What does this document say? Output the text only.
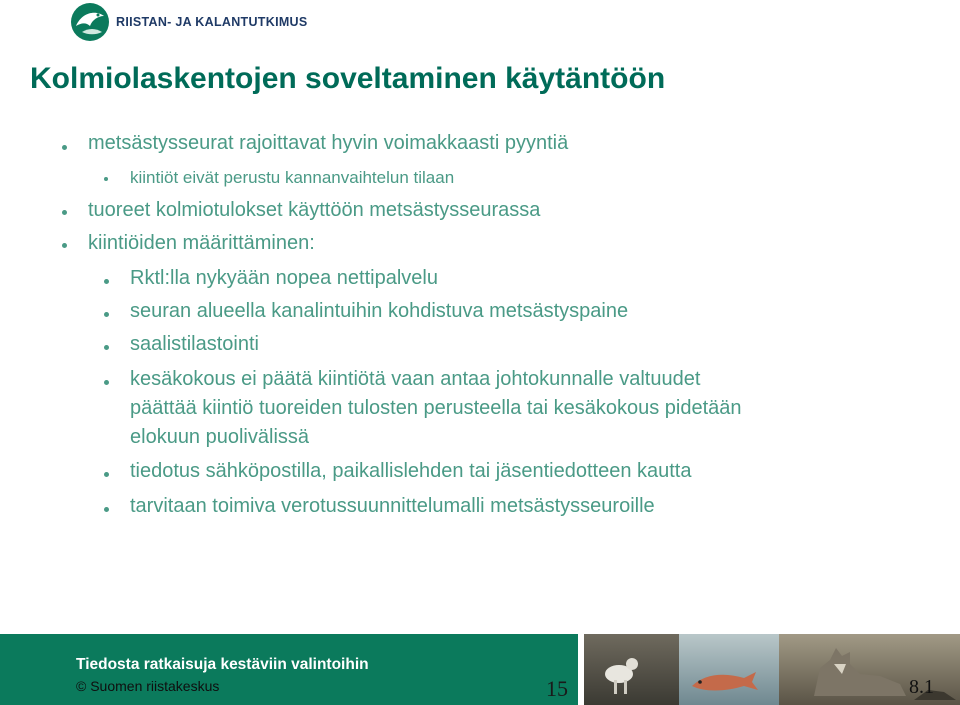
RIISTAN- JA KALANTUTKIMUS
Kolmiolaskentojen soveltaminen käytäntöön
metsästysseurat rajoittavat hyvin voimakkaasti pyyntiä
kiintiöt eivät perustu kannanvaihtelun tilaan
tuoreet kolmiotulokset käyttöön metsästysseurassa
kiintiöiden määrittäminen:
Rktl:lla nykyään nopea nettipalvelu
seuran alueella kanalintuihin kohdistuva metsästyspaine
saalistilastointi
kesäkokous ei päätä kiintiötä vaan antaa johtokunnalle valtuudet
päättää kiintiö tuoreiden tulosten perusteella tai kesäkokous pidetään
elokuun puolivälissä
tiedotus sähköpostilla, paikallislehden tai jäsentiedotteen kautta
tarvitaan toimiva verotussuunnittelumalli metsästysseuroille
Tiedosta ratkaisuja kestäviin valintoihin
© Suomen riistakeskus	15	8.1
